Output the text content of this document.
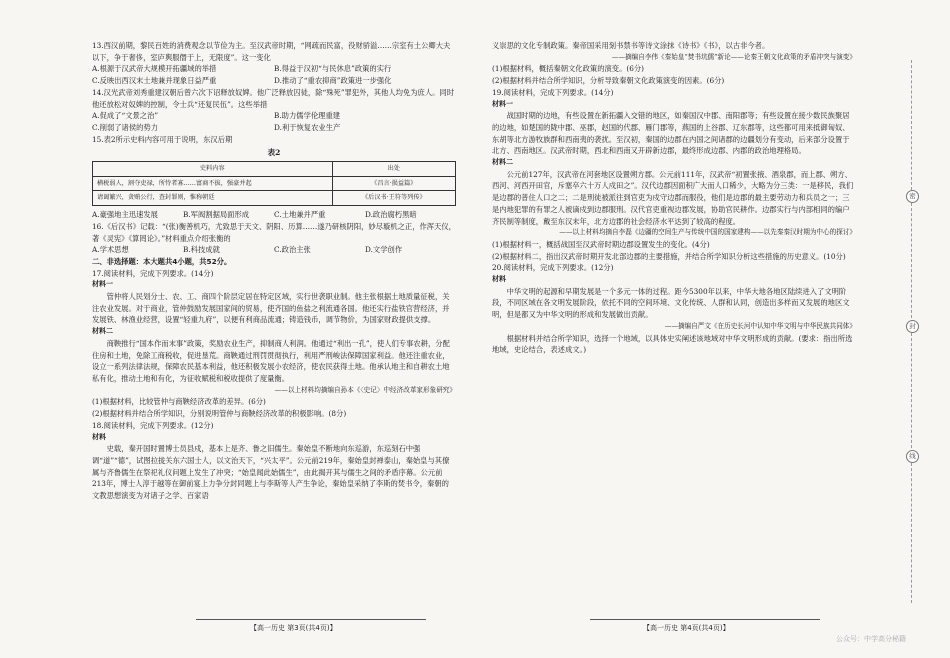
13.西汉前期，黎民百姓的消费观念以节俭为主。至汉武帝时期，“网疏而民富，役财骄溢……宗室有土公卿大夫以下，争于奢侈，室庐舆服僭于上，无限度”。这一变化

A.根源于汉武帝大规模开拓疆域的举措	B.得益于汉初“与民休息”政策的实行
C.反映出西汉末土地兼并现象日益严重	D.推动了“重农抑商”政策进一步强化

14.汉光武帝刘秀重建汉朝后曾六次下诏释放奴婢。他广泛释放囚徒，除“殊死”罪犯外，其他人均免为庶人。同时他还放松对奴婢的控制，令士兵“还复民伍”。这些举措

A.促成了“文景之治”	B.助力儒学伦理重建
C.削弱了诸侯的势力	D.利于恢复农业生产

15.表2所示史料内容可用于说明，东汉后期

表2
史料内容	出处
横税弱人，割夺吏禄，所恃者寡……富商不拔，强豪并起	《昌言·损益篇》
请谒繁兴，贪贿公行，查封罪则，惟称朝廷	《后汉书·王符等列传》
A.豪强地主迅速发展	B.军阀割据局面形成	C.土地兼并严重	D.政治腐朽黑暗

16.《后汉书》记载：“(张)衡善机巧，尤致思于天文、阴阳、历算……遂乃研核阴阳，妙尽璇机之正，作浑天仪，著《灵宪》《算罔论》。”材料重点介绍张衡的

A.学术思想	B.科技成就	C.政治主张	D.文学创作

二、非选择题：本大题共4小题，共52分。

17.阅读材料，完成下列要求。(14分)

材料一

管仲将人民划分士、农、工、商四个阶层定居在特定区域，实行世袭职业制。他主张根据土地质量征税，关注农业发展。对于商业，管仲鼓励发展国家间的贸易，使齐国的鱼盐之利流通各国。他还实行盐铁官营经济，并发展铁、林渔业经营，设置“轻重九府”，以便有利商品流通；铸造钱币，调节物价，为国家财政提供支撑。

材料二

商鞅推行“国本作而末事”政策，奖励农业生产，抑制商人利润。他通过“利出一孔”，使人们专事农耕，分配住房和土地，免除工商税收，促进垦荒。商鞅通过刑罚贯彻执行，利用严刑峻法保障国家利益。他还注重农业，设立一系列法律法规，保障农民基本利益，他还积极发展小农经济，使农民获得土地。他承认地主和自耕农土地私有化，推动土地和有化，为征收赋税和税收提供了度量衡。

——以上材料均摘编自孙本《〈史记〉中经济改革家形象研究》

(1)根据材料，比较管仲与商鞅经济改革的差异。(6分)

(2)根据材料并结合所学知识，分别说明管仲与商鞅经济改革的积极影响。(8分)

18.阅读材料，完成下列要求。(12分)

材料

史载，秦开国时置博士员县戍，基本上是齐、鲁之旧儒生。秦始皇不断地向东巡游，东巡刻石中强调“道”“德”，试图拉拢关东六国士人，以文治天下，“兴太平”。公元前219年，秦始皇封禅泰山，秦始皇与其僚属与齐鲁儒生在祭祀礼仪问题上发生了冲突；“始皇闻此始儒生”，由此揭开其与儒生之间的矛盾序幕。公元前213年，博士人淳于越等在御前宴上力争分封同题上与李斯等人产生争论，秦始皇采纳了李斯的焚书令，秦朝的文教思想演变为对诸子之学、百家语

义崇思的文化专制政策。秦帝国采用刻书禁书等诗文涂抹《诗书》《书》，以古非今者。

——摘编自李伟《秦始皇“焚书坑儒”新论——论秦王朝文化政策的矛盾冲突与演变》

(1)根据材料，概括秦朝文化政策的演变。(6分)

(2)根据材料并结合所学知识，分析导致秦朝文化政策演变的因素。(6分)

19.阅读材料，完成下列要求。(14分)

材料一

战国时期的边地，有些设置在新拓疆入交错的地区，如秦国汉中郡、南阳郡等；有些设置在接少数民族聚居的边地，如楚国的陇中郡、巫郡，赵国的代郡、雁门郡等，燕国的上谷郡、辽东郡等，这些都可用来抵御匈奴、东胡等北方游牧族群和西南夷的袭扰。至汉初，秦国的边郡在内国之间诸郡的边疆划分有变动，后来部分设置于北方、西南地区。汉武帝时期，西北和西南又开辟新边郡，最终形成边郡、内郡的政治地理格局。

材料二

公元前127年，汉武帝在河套地区设置朔方郡。公元前111年，汉武帝“初置张掖、酒泉郡，而上郡、朔方、西河、河西开田官，斥塞卒六十万人戍田之”。汉代边郡因面积广大而人口稀少，大略为分三类：一是移民，我们是边郡的普住人口之二；二是刑徒被派往到官吏为戍守边郡而服役，他们是边郡的最主要劳动力和兵员之一；三是内地犯罪的有罪之人被谪戍到边郡服刑。汉代官吏重视边郡发展，协助官民耕作。边郡实行与内部相同的编户齐民制等制度，戴至东汉末年，北方边郡的社会经济水平达到了较高的程度。

——以上材料均摘自李磊《边疆的空间生产与传统中国的国家建构——以先秦秦汉时期为中心的探讨》

(1)根据材料一，概括战国至汉武帝时期边郡设置发生的变化。(4分)

(2)根据材料二，指出汉武帝时期开发北部边郡的主要措施，并结合所学知识分析这些措施的历史意义。(10分)

20.阅读材料，完成下列要求。(12分)

材料

中华文明的起源和早期发展是一个多元一体的过程。距今5300年以来，中华大地各地区陆续进入了文明阶段，不同区域在各文明发展阶段，依托不同的空间环境、文化传统、人群和认同，创造出多样而又发展的地区文明，但是都又为中华文明的形成和发展做出贡献。

——摘编自严文《在历史长河中认知中华文明与中华民族共同体》

根据材料并结合所学知识，选择一个地域，以具体史实阐述该地域对中华文明形成的贡献。(要求：指出所选地域，史论结合，表述成文。)

【高一历史 第3页(共4页)】	【高一历史 第4页(共4页)】
密
封
线
公众号：中学高分秘籍
